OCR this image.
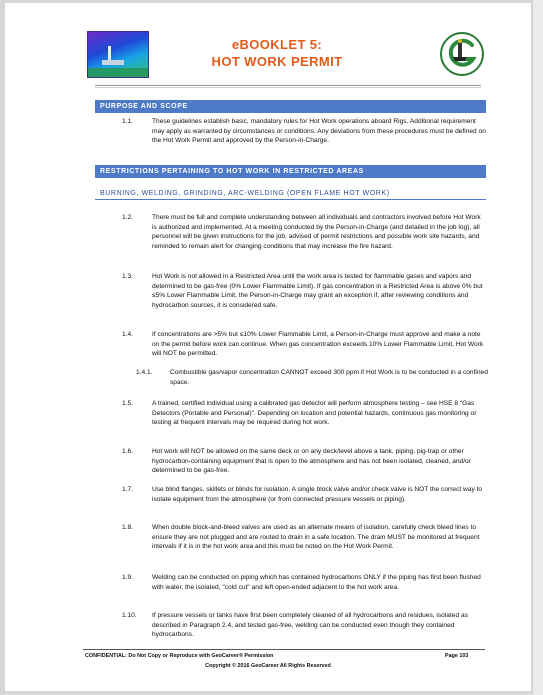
eBOOKLET 5:
HOT WORK PERMIT
PURPOSE AND SCOPE
1.1.	These guidelines establish basic, mandatory rules for Hot Work operations aboard Rigs. Additional requirement may apply as warranted by circumstances or conditions. Any deviations from these procedures must be defined on the Hot Work Permit and approved by the Person-in-Charge.
RESTRICTIONS PERTAINING TO HOT WORK IN RESTRICTED AREAS
BURNING, WELDING, GRINDING, ARC-WELDING (OPEN FLAME HOT WORK)
1.2.	There must be full and complete understanding between all individuals and contractors involved before Hot Work is authorized and implemented. At a meeting conducted by the Person-in-Charge (and detailed in the job log), all personnel will be given instructions for the job, advised of permit restrictions and possible work site hazards, and reminded to remain alert for changing conditions that may increase the fire hazard.
1.3.	Hot Work is not allowed in a Restricted Area until the work area is tested for flammable gases and vapors and determined to be gas-free (0% Lower Flammable Limit). If gas concentration in a Restricted Area is above 0% but ≤5% Lower Flammable Limit, the Person-in-Charge may grant an exception if, after reviewing conditions and hydrocarbon sources, it is considered safe.
1.4.	If concentrations are >5% but ≤10% Lower Flammable Limit, a Person-in-Charge must approve and make a note on the permit before work can continue. When gas concentration exceeds 10% Lower Flammable Limit, Hot Work will NOT be permitted.
1.4.1.	Combustible gas/vapor concentration CANNOT exceed 300 ppm if Hot Work is to be conducted in a confined space.
1.5.	A trained, certified individual using a calibrated gas detector will perform atmosphere testing – see HSE 8 “Gas Detectors (Portable and Personal)”. Depending on location and potential hazards, continuous gas monitoring or testing at frequent intervals may be required during hot work.
1.6.	Hot work will NOT be allowed on the same deck or on any deck/level above a tank, piping, pig-trap or other hydrocarbon-containing equipment that is open to the atmosphere and has not been isolated, cleaned, and/or determined to be gas-free.
1.7.	Use blind flanges, skillets or blinds for isolation. A single block valve and/or check valve is NOT the correct way to isolate equipment from the atmosphere (or from connected pressure vessels or piping).
1.8.	When double block-and-bleed valves are used as an alternate means of isolation, carefully check bleed lines to ensure they are not plugged and are routed to drain in a safe location. The drain MUST be monitored at frequent intervals if it is in the hot work area and this must be noted on the Hot Work Permit.
1.9.	Welding can be conducted on piping which has contained hydrocarbons ONLY if the piping has first been flushed with water, the isolated, "cold cut" and left open-ended adjacent to the hot work area.
1.10. If pressure vessels or tanks have first been completely cleaned of all hydrocarbons and residues, isolated as described in Paragraph 2.4, and tested gas-free, welding can be conducted even though they contained hydrocarbons.
CONFIDENTIAL: Do Not Copy or Reproduce with GeoCareer® Permission	Page 103
Copyright © 2016 GeoCareer All Rights Reserved
